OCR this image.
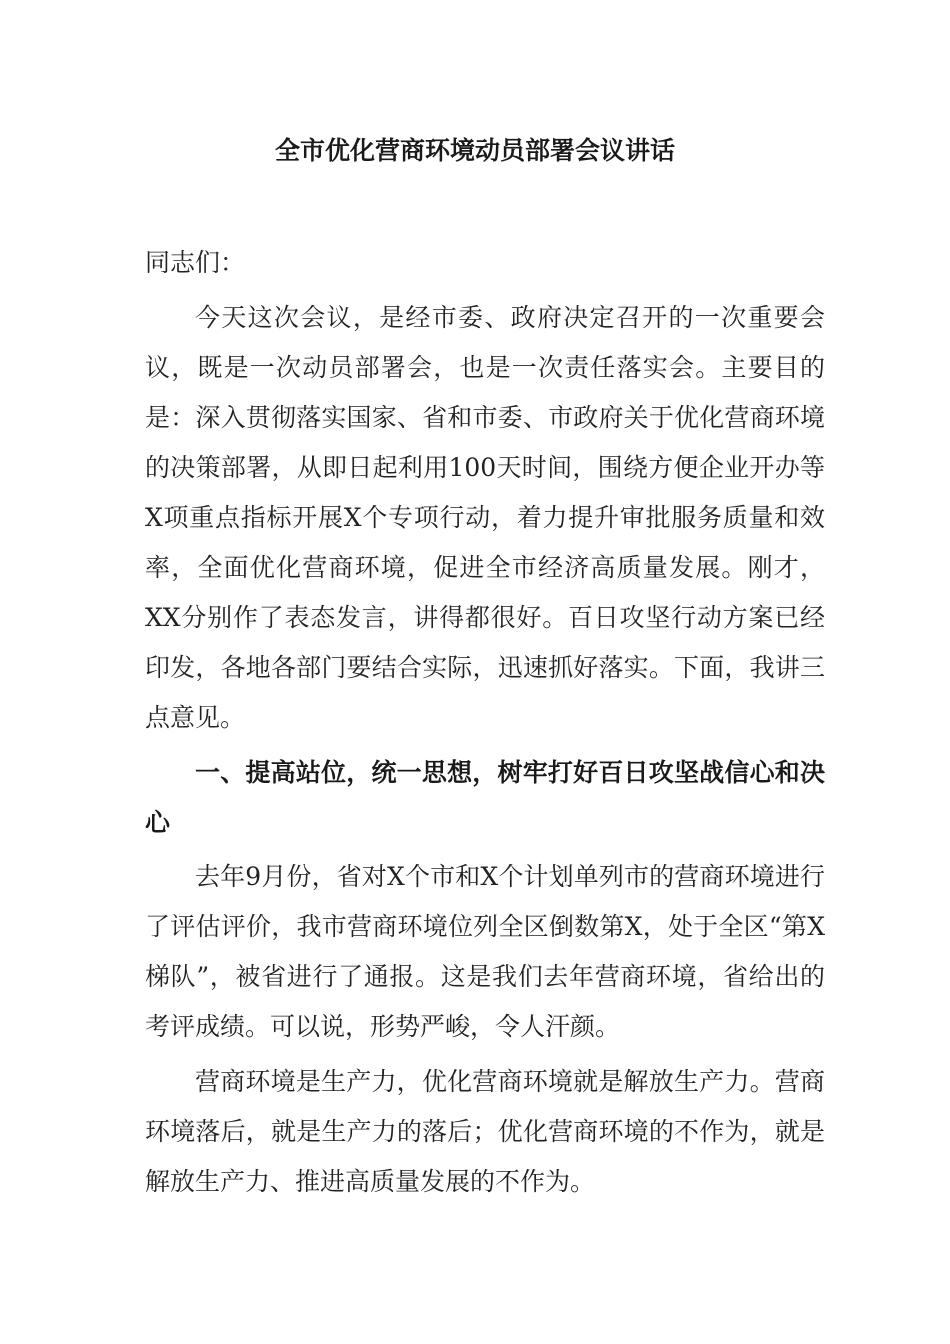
全市优化营商环境动员部署会议讲话

同志们：

今天这次会议，是经市委、政府决定召开的一次重要会议，既是一次动员部署会，也是一次责任落实会。主要目的是：深入贯彻落实国家、省和市委、市政府关于优化营商环境的决策部署，从即日起利用100天时间，围绕方便企业开办等X项重点指标开展X个专项行动，着力提升审批服务质量和效率，全面优化营商环境，促进全市经济高质量发展。刚才，XX分别作了表态发言，讲得都很好。百日攻坚行动方案已经印发，各地各部门要结合实际，迅速抓好落实。下面，我讲三点意见。

一、提高站位，统一思想，树牢打好百日攻坚战信心和决心

去年9月份，省对X个市和X个计划单列市的营商环境进行了评估评价，我市营商环境位列全区倒数第X，处于全区“第X梯队”，被省进行了通报。这是我们去年营商环境，省给出的考评成绩。可以说，形势严峻，令人汗颜。

营商环境是生产力，优化营商环境就是解放生产力。营商环境落后，就是生产力的落后；优化营商环境的不作为，就是解放生产力、推进高质量发展的不作为。
